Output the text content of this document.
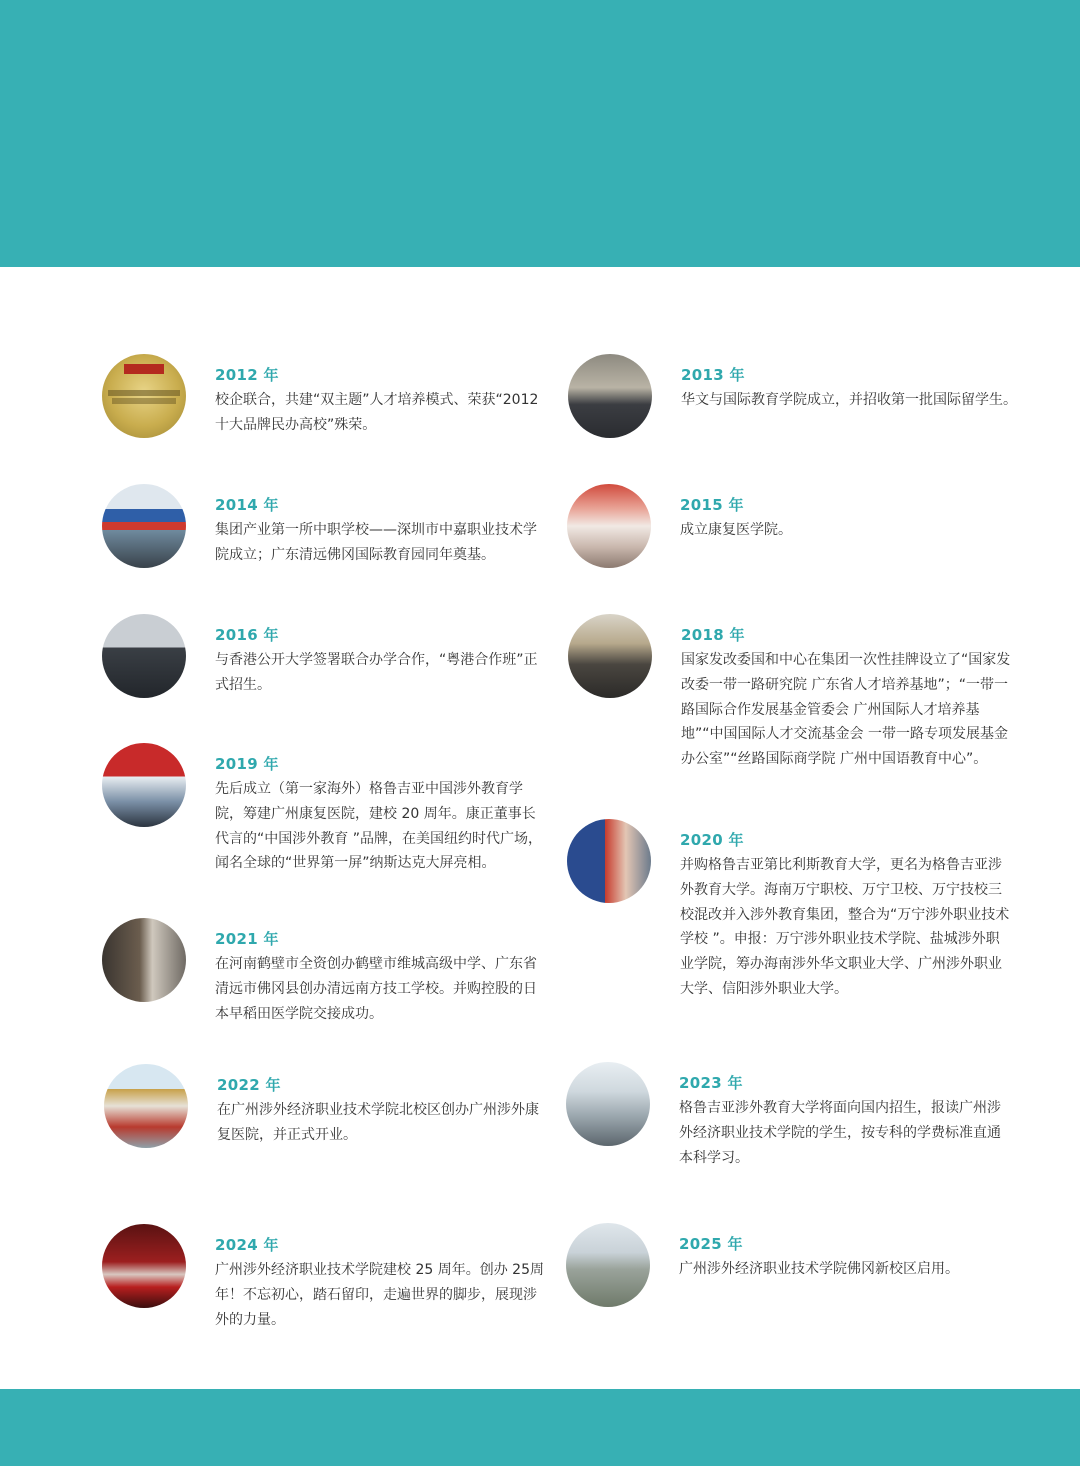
2012 年

校企联合，共建“双主题”人才培养模式、荣获“2012十大品牌民办高校”殊荣。

2014 年

集团产业第一所中职学校——深圳市中嘉职业技术学院成立；广东清远佛冈国际教育园同年奠基。

2016 年

与香港公开大学签署联合办学合作，“粤港合作班”正式招生。

2019 年

先后成立（第一家海外）格鲁吉亚中国涉外教育学院，筹建广州康复医院，建校 20 周年。康正董事长代言的“中国涉外教育 ”品牌，在美国纽约时代广场，闻名全球的“世界第一屏”纳斯达克大屏亮相。

2021 年

在河南鹤壁市全资创办鹤壁市维城高级中学、广东省清远市佛冈县创办清远南方技工学校。并购控股的日本早稻田医学院交接成功。

2022 年

在广州涉外经济职业技术学院北校区创办广州涉外康复医院，并正式开业。

2024 年

广州涉外经济职业技术学院建校 25 周年。创办 25周年！不忘初心，踏石留印，走遍世界的脚步，展现涉外的力量。

2013 年

华文与国际教育学院成立，并招收第一批国际留学生。

2015 年

成立康复医学院。

2018 年

国家发改委国和中心在集团一次性挂牌设立了“国家发改委一带一路研究院 广东省人才培养基地”；“一带一路国际合作发展基金管委会 广州国际人才培养基地”“中国国际人才交流基金会 一带一路专项发展基金办公室”“丝路国际商学院 广州中国语教育中心”。

2020 年

并购格鲁吉亚第比利斯教育大学，更名为格鲁吉亚涉外教育大学。海南万宁职校、万宁卫校、万宁技校三校混改并入涉外教育集团，整合为“万宁涉外职业技术学校 ”。申报：万宁涉外职业技术学院、盐城涉外职业学院，筹办海南涉外华文职业大学、广州涉外职业大学、信阳涉外职业大学。

2023 年

格鲁吉亚涉外教育大学将面向国内招生，报读广州涉外经济职业技术学院的学生，按专科的学费标准直通本科学习。

2025 年

广州涉外经济职业技术学院佛冈新校区启用。
